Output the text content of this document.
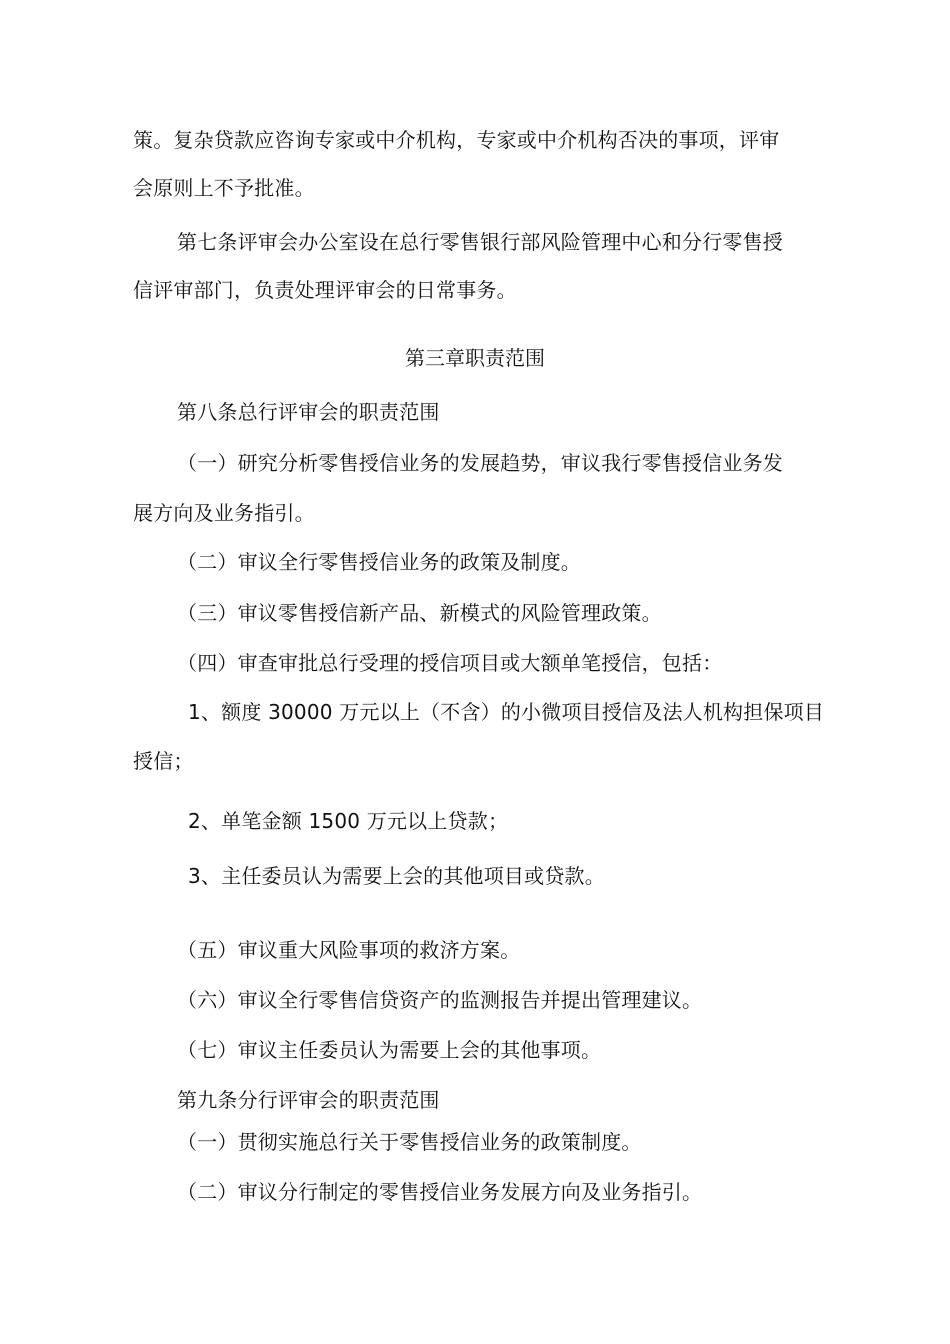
策。复杂贷款应咨询专家或中介机构，专家或中介机构否决的事项，评审
会原则上不予批准。
第七条评审会办公室设在总行零售银行部风险管理中心和分行零售授
信评审部门，负责处理评审会的日常事务。
第三章职责范围
第八条总行评审会的职责范围
（一）研究分析零售授信业务的发展趋势，审议我行零售授信业务发
展方向及业务指引。
（二）审议全行零售授信业务的政策及制度。
（三）审议零售授信新产品、新模式的风险管理政策。
（四）审查审批总行受理的授信项目或大额单笔授信，包括：
1、额度 30000 万元以上（不含）的小微项目授信及法人机构担保项目
授信；
2、单笔金额 1500 万元以上贷款；
3、主任委员认为需要上会的其他项目或贷款。
（五）审议重大风险事项的救济方案。
（六）审议全行零售信贷资产的监测报告并提出管理建议。
（七）审议主任委员认为需要上会的其他事项。
第九条分行评审会的职责范围
（一）贯彻实施总行关于零售授信业务的政策制度。
（二）审议分行制定的零售授信业务发展方向及业务指引。
